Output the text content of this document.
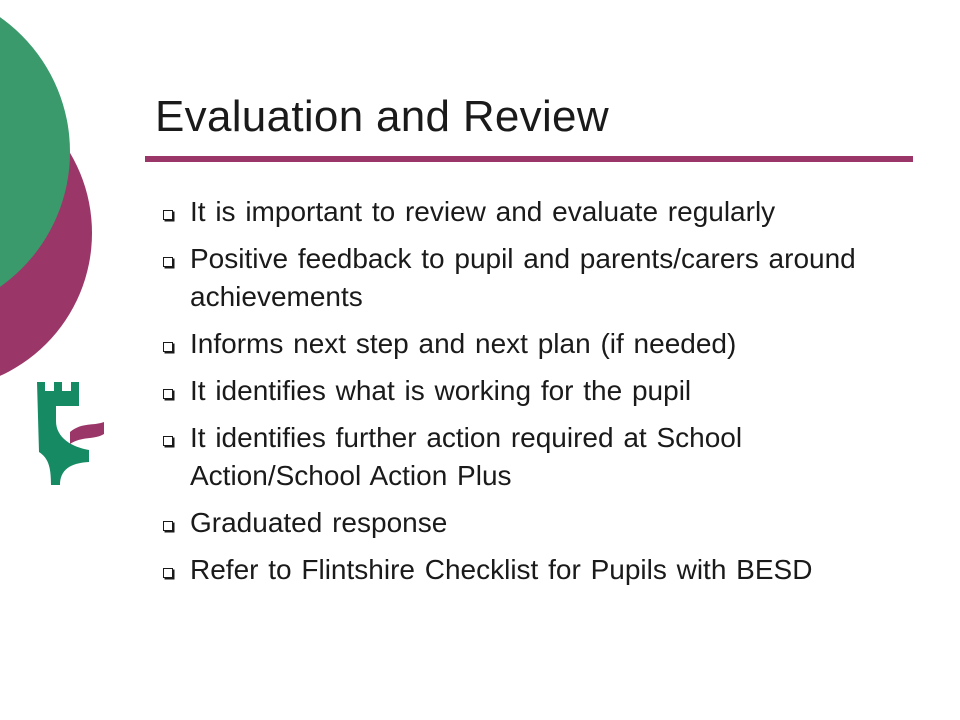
Evaluation and Review
It is important to review and evaluate regularly
Positive feedback to pupil and parents/carers around achievements
Informs next step and next plan (if needed)
It identifies what is working for the pupil
It identifies further action required at School Action/School Action Plus
Graduated response
Refer to Flintshire Checklist for Pupils with BESD
